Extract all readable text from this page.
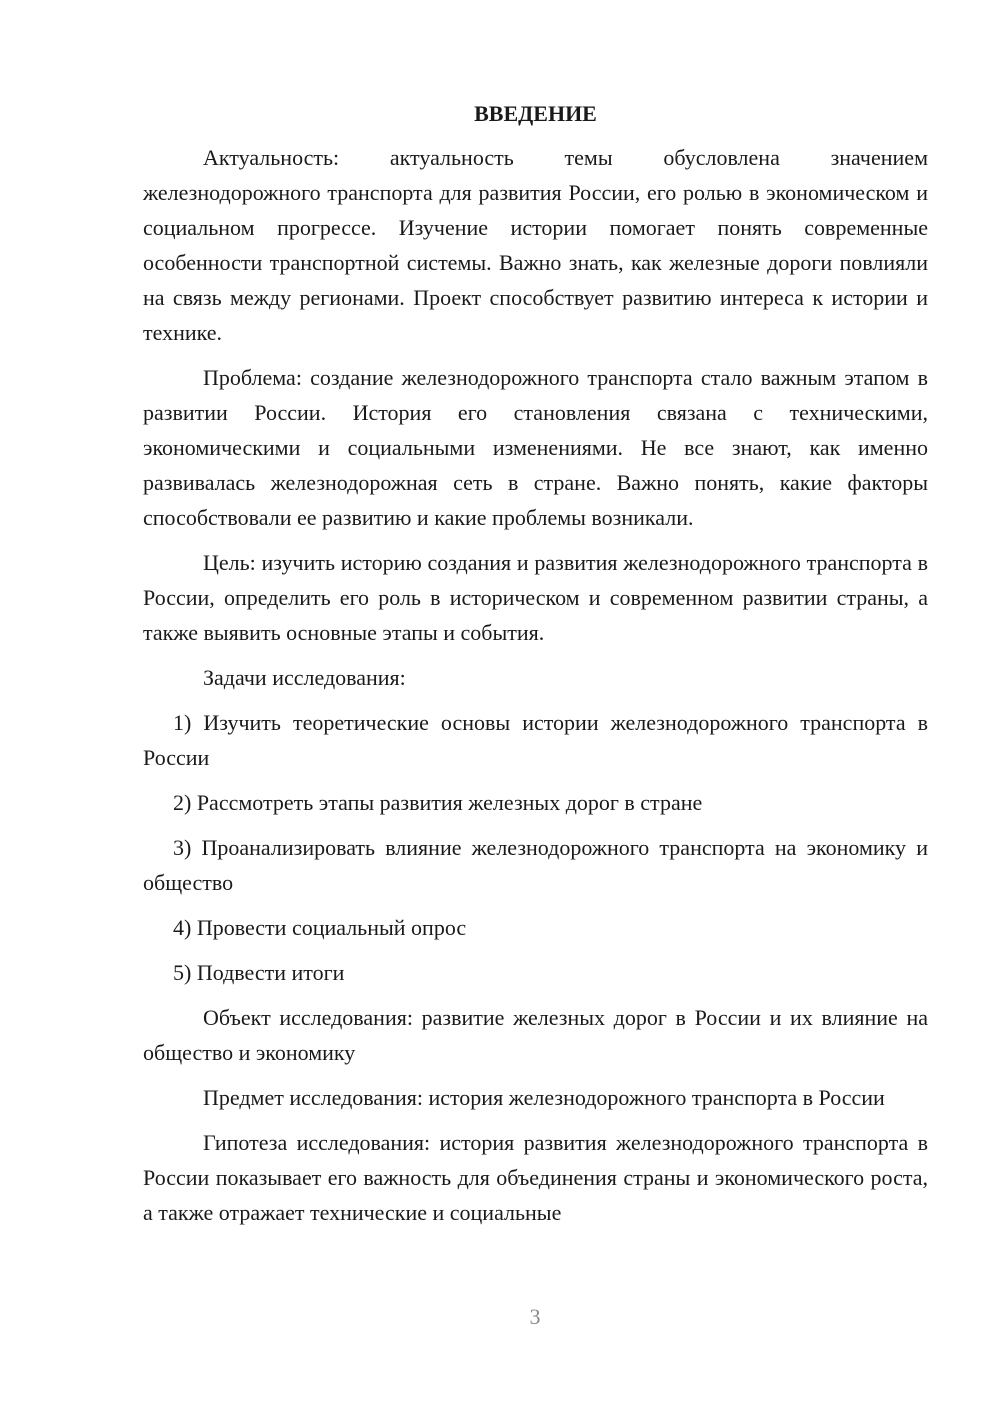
ВВЕДЕНИЕ

Актуальность: актуальность темы обусловлена значением железнодорожного транспорта для развития России, его ролью в экономическом и социальном прогрессе. Изучение истории помогает понять современные особенности транспортной системы. Важно знать, как железные дороги повлияли на связь между регионами. Проект способствует развитию интереса к истории и технике.

Проблема: создание железнодорожного транспорта стало важным этапом в развитии России. История его становления связана с техническими, экономическими и социальными изменениями. Не все знают, как именно развивалась железнодорожная сеть в стране. Важно понять, какие факторы способствовали ее развитию и какие проблемы возникали.

Цель: изучить историю создания и развития железнодорожного транспорта в России, определить его роль в историческом и современном развитии страны, а также выявить основные этапы и события.

Задачи исследования:

1) Изучить теоретические основы истории железнодорожного транспорта в России

2) Рассмотреть этапы развития железных дорог в стране

3) Проанализировать влияние железнодорожного транспорта на экономику и общество

4) Провести социальный опрос

5) Подвести итоги

Объект исследования: развитие железных дорог в России и их влияние на общество и экономику

Предмет исследования: история железнодорожного транспорта в России

Гипотеза исследования: история развития железнодорожного транспорта в России показывает его важность для объединения страны и экономического роста, а также отражает технические и социальные

3
